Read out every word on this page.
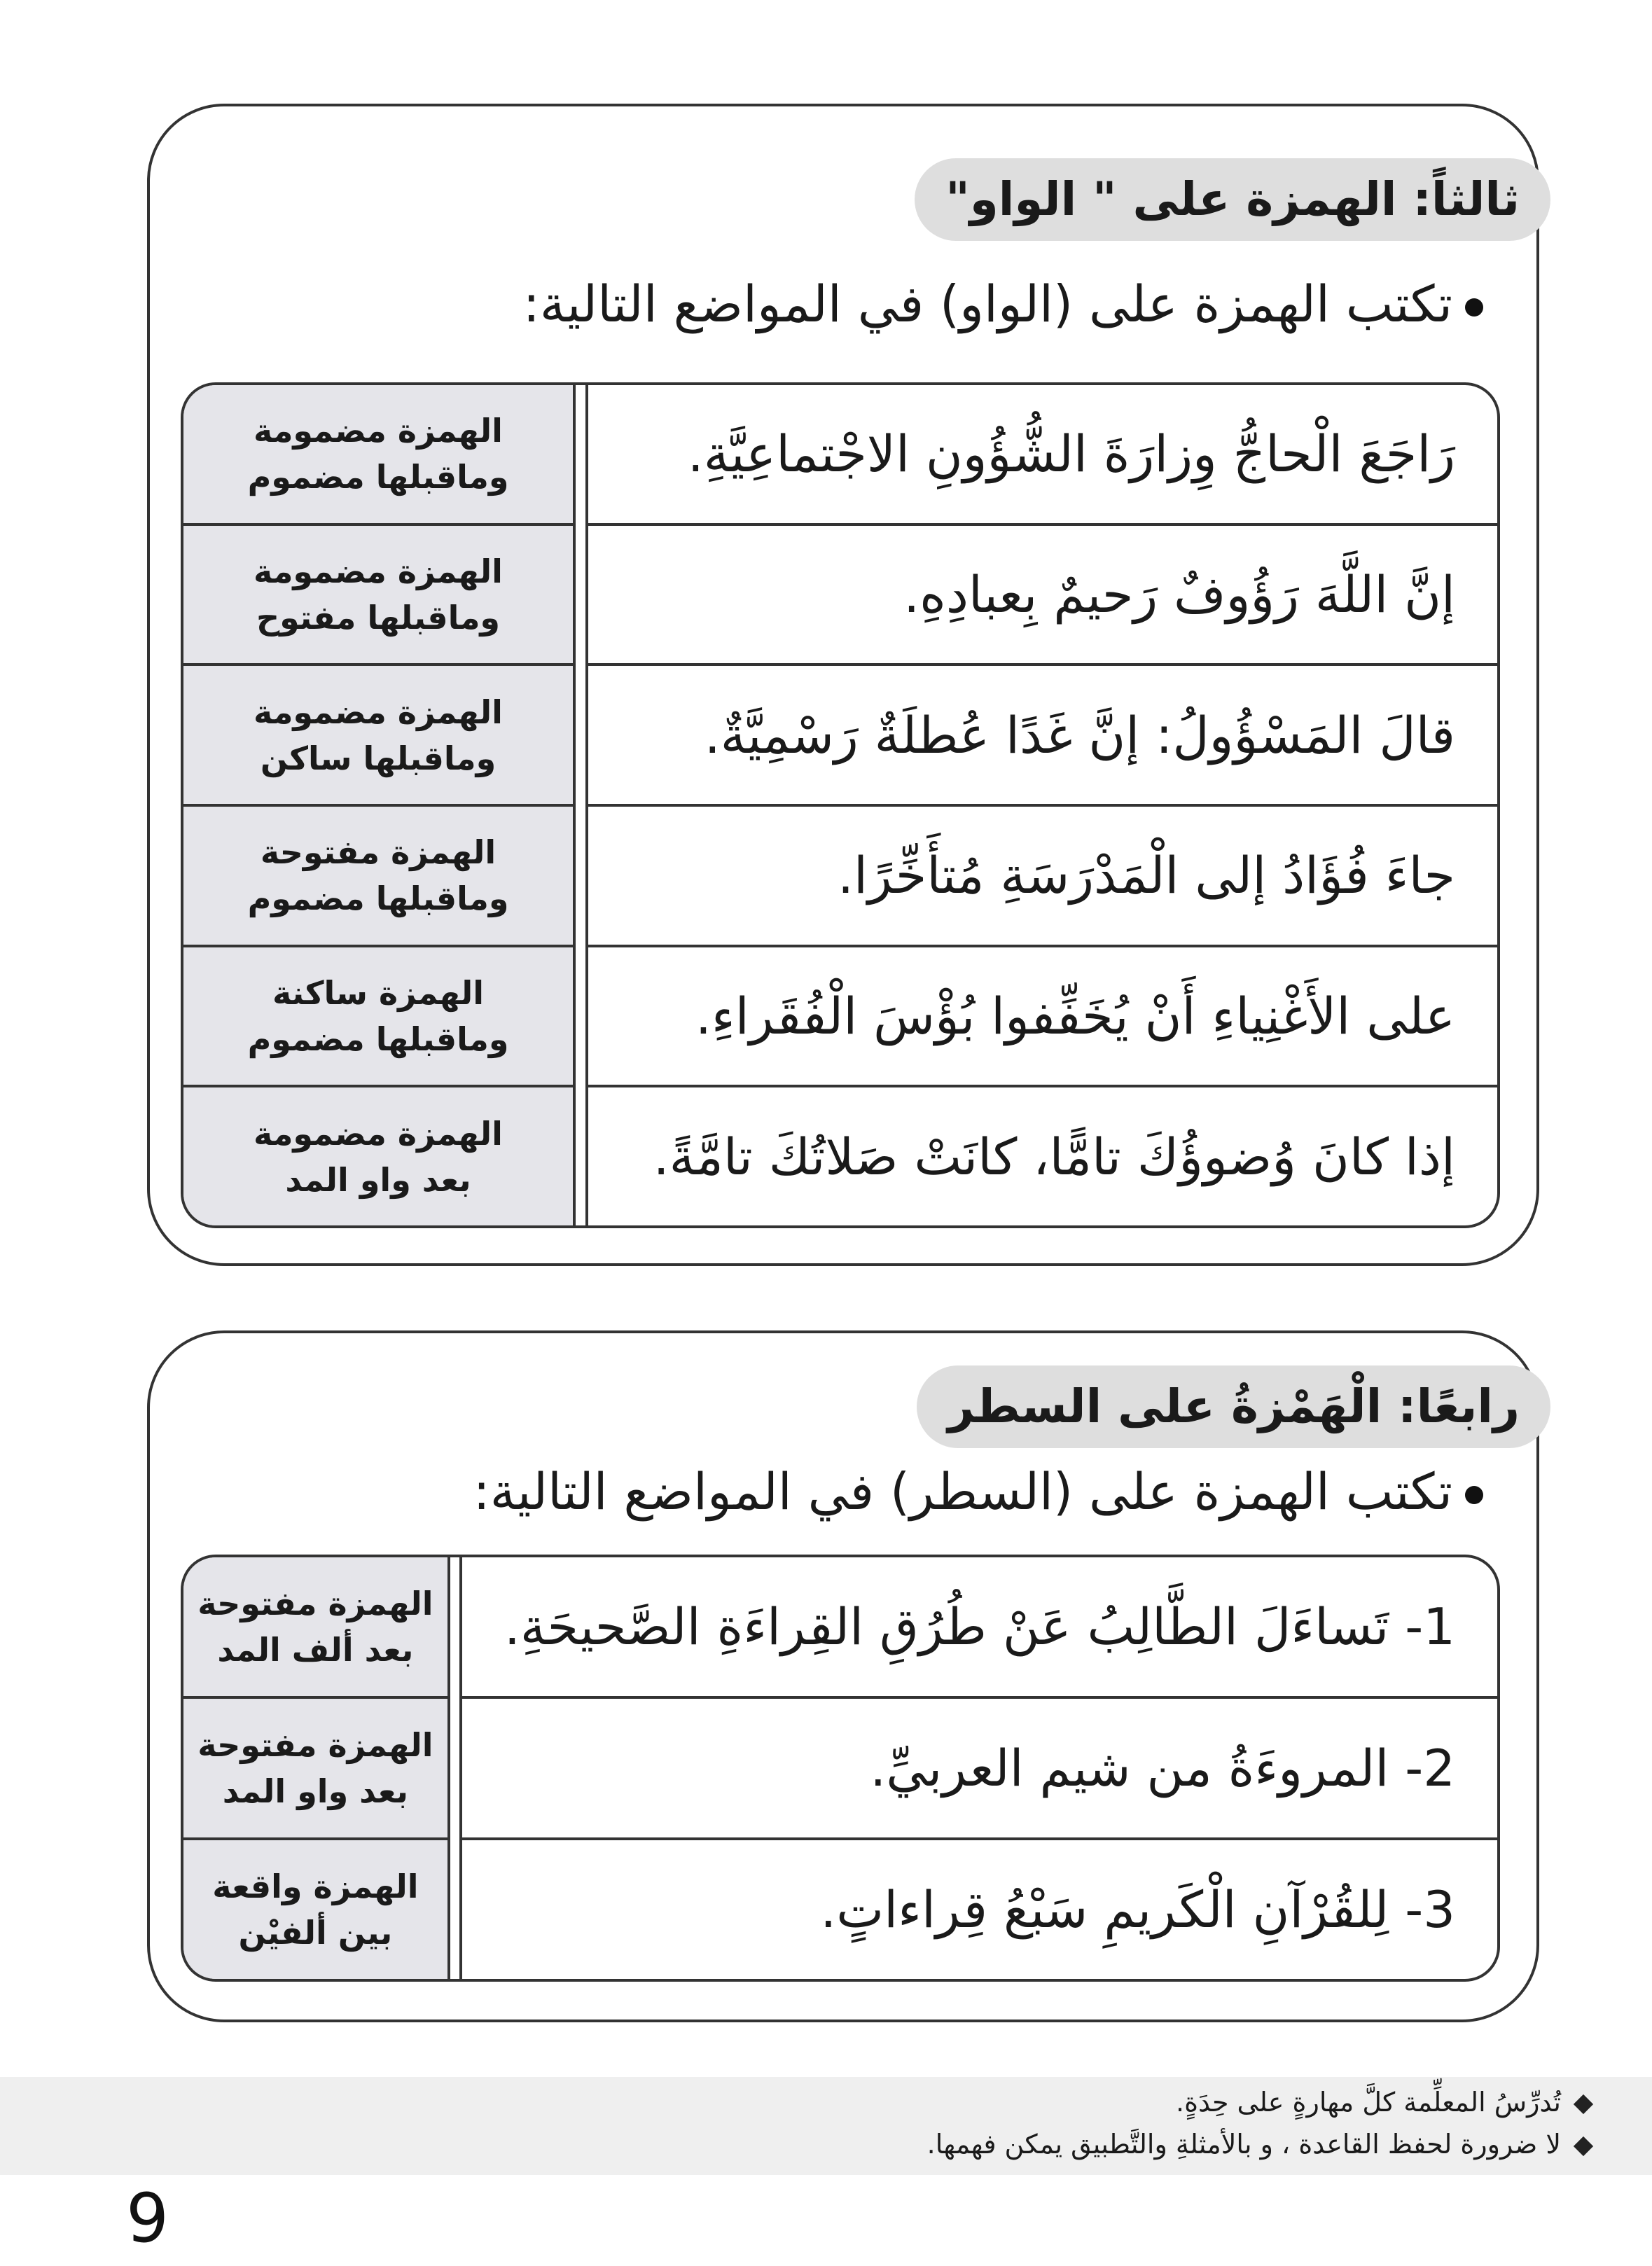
ثالثاً: الهمزة على " الواو"
تكتب الهمزة على (الواو) في المواضع التالية:
رَاجَعَ الْحاجُّ وِزارَةَ الشُّؤُونِ الاجْتماعِيَّةِ.
إنَّ اللَّهَ رَؤُوفٌ رَحيمٌ بِعبادِهِ.
قالَ المَسْؤُولُ: إنَّ غَدًا عُطلَةٌ رَسْمِيَّةٌ.
جاءَ فُؤَادُ إلى الْمَدْرَسَةِ مُتأَخِّرًا.
على الأَغْنِياءِ أَنْ يُخَفِّفوا بُؤْسَ الْفُقَراءِ.
إذا كانَ وُضوؤُكَ تامًّا، كانَتْ صَلاتُكَ تامَّةً.
الهمزة مضمومة
وماقبلها مضموم
الهمزة مضمومة
وماقبلها مفتوح
الهمزة مضمومة
وماقبلها ساكن
الهمزة مفتوحة
وماقبلها مضموم
الهمزة ساكنة
وماقبلها مضموم
الهمزة مضمومة
بعد واو المد
رابعًا: الْهَمْزةُ على السطر
تكتب الهمزة على (السطر) في المواضع التالية:
1- تَساءَلَ الطَّالِبُ عَنْ طُرُقِ القِراءَةِ الصَّحيحَةِ.
2- المروءَةُ من شيم العربيِّ.
3- لِلقُرْآنِ الْكَريمِ سَبْعُ قِراءاتٍ.
الهمزة مفتوحة
بعد ألف المد
الهمزة مفتوحة
بعد واو المد
الهمزة واقعة
بين ألفيْن
تُدرِّسُ المعلِّمة كلَّ مهارةٍ على حِدَةٍ.
لا ضرورة لحفظ القاعدة ، و بالأمثلةِ والتَّطبيق يمكن فهمها.
9
